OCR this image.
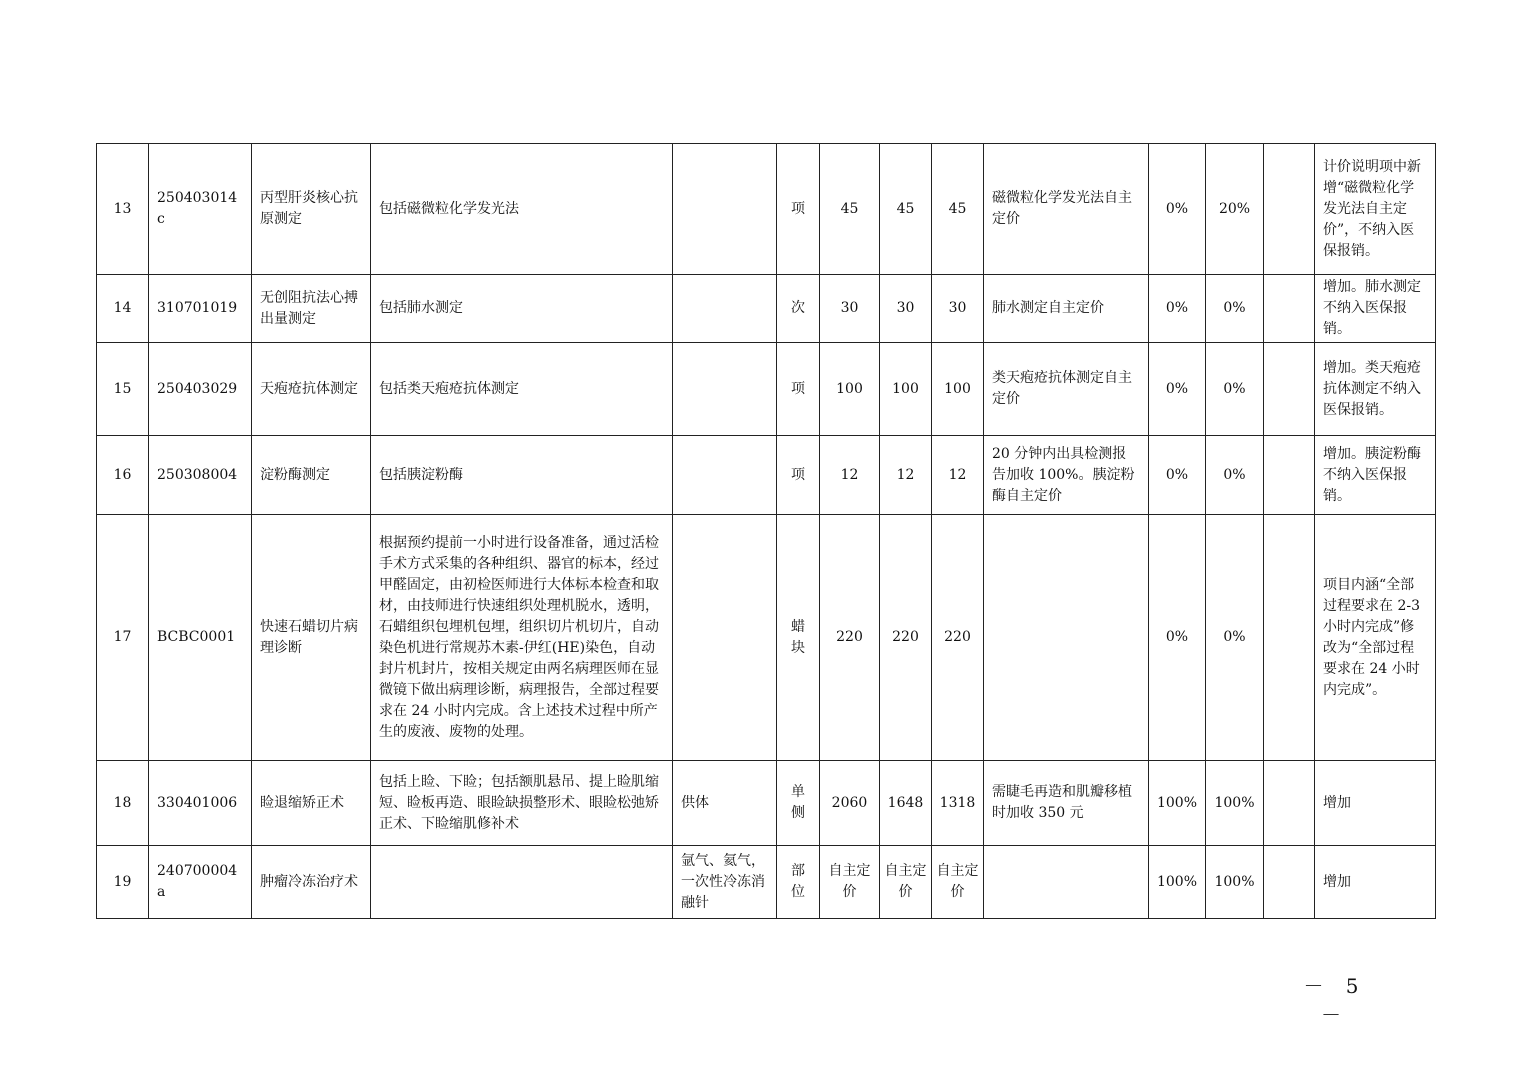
13	250403014c	丙型肝炎核心抗原测定	包括磁微粒化学发光法		项	45	45	45	磁微粒化学发光法自主定价	0%	20%		计价说明项中新增“磁微粒化学发光法自主定价”，不纳入医保报销。
14	310701019	无创阻抗法心搏出量测定	包括肺水测定		次	30	30	30	肺水测定自主定价	0%	0%		增加。肺水测定不纳入医保报销。
15	250403029	天疱疮抗体测定	包括类天疱疮抗体测定		项	100	100	100	类天疱疮抗体测定自主定价	0%	0%		增加。类天疱疮抗体测定不纳入医保报销。
16	250308004	淀粉酶测定	包括胰淀粉酶		项	12	12	12	20 分钟内出具检测报告加收 100%。胰淀粉酶自主定价	0%	0%		增加。胰淀粉酶不纳入医保报销。
17	BCBC0001	快速石蜡切片病理诊断	根据预约提前一小时进行设备准备，通过活检手术方式采集的各种组织、器官的标本，经过甲醛固定，由初检医师进行大体标本检查和取材，由技师进行快速组织处理机脱水，透明，石蜡组织包埋机包埋，组织切片机切片，自动染色机进行常规苏木素-伊红(HE)染色，自动封片机封片，按相关规定由两名病理医师在显微镜下做出病理诊断，病理报告，全部过程要求在 24 小时内完成。含上述技术过程中所产生的废液、废物的处理。		蜡块	220	220	220		0%	0%		项目内涵“全部过程要求在 2-3 小时内完成”修改为“全部过程要求在 24 小时内完成”。
18	330401006	睑退缩矫正术	包括上睑、下睑；包括额肌悬吊、提上睑肌缩短、睑板再造、眼睑缺损整形术、眼睑松弛矫正术、下睑缩肌修补术	供体	单侧	2060	1648	1318	需睫毛再造和肌瓣移植时加收 350 元	100%	100%		增加
19	240700004a	肿瘤冷冻治疗术		氩气、氦气，一次性冷冻消融针	部位	自主定价	自主定价	自主定价		100%	100%		增加
－ 5 －
